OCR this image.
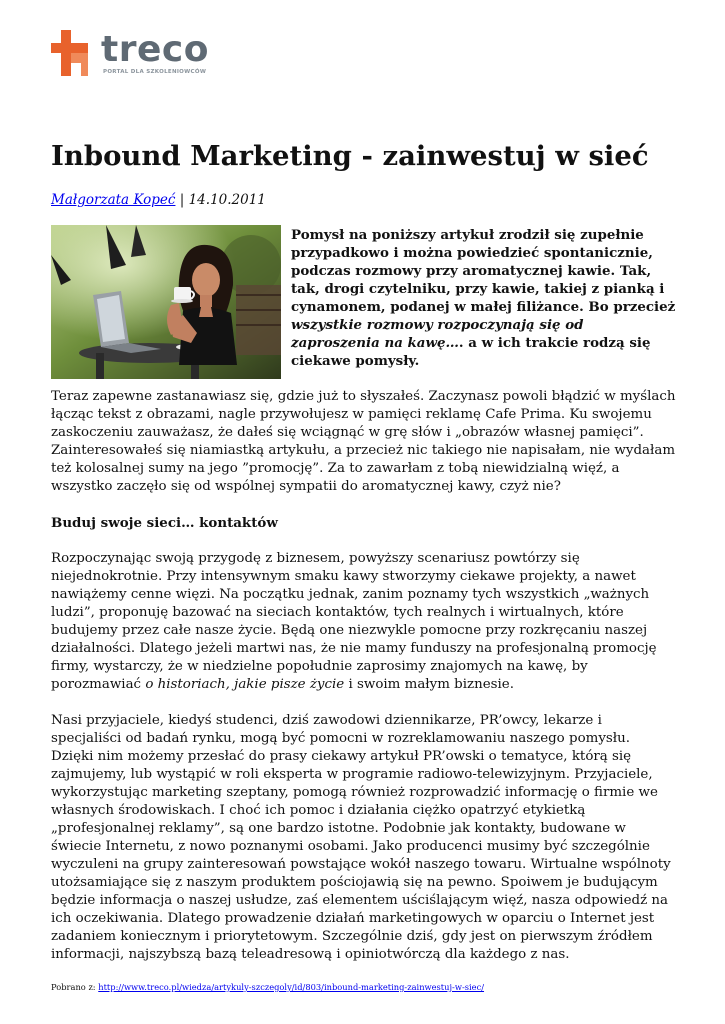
treco
PORTAL DLA SZKOLENIOWCÓW
Inbound Marketing - zainwestuj w sieć
Małgorzata Kopeć | 14.10.2011

Pomysł na poniższy artykuł zrodził się zupełnie przypadkowo i można powiedzieć spontanicznie, podczas rozmowy przy aromatycznej kawie. Tak, tak, drogi czytelniku, przy kawie, takiej z pianką i cynamonem, podanej w małej filiżance. Bo przecież wszystkie rozmowy rozpoczynają się od zaproszenia na kawę…. a w ich trakcie rodzą się ciekawe pomysły.

Teraz zapewne zastanawiasz się, gdzie już to słyszałeś. Zaczynasz powoli błądzić w myślach łącząc tekst z obrazami, nagle przywołujesz w pamięci reklamę Cafe Prima. Ku swojemu zaskoczeniu zauważasz, że dałeś się wciągnąć w grę słów i „obrazów własnej pamięci”. Zainteresowałeś się niamiastką artykułu, a przecież nic takiego nie napisałam, nie wydałam też kolosalnej sumy na jego ”promocję”. Za to zawarłam z tobą niewidzialną więź, a wszystko zaczęło się od wspólnej sympatii do aromatycznej kawy, czyż nie?

Buduj swoje sieci… kontaktów

Rozpoczynając swoją przygodę z biznesem, powyższy scenariusz powtórzy się niejednokrotnie. Przy intensywnym smaku kawy stworzymy ciekawe projekty, a nawet nawiążemy cenne więzi. Na początku jednak, zanim poznamy tych wszystkich „ważnych ludzi”, proponuję bazować na sieciach kontaktów, tych realnych i wirtualnych, które budujemy przez całe nasze życie. Będą one niezwykle pomocne przy rozkręcaniu naszej działalności. Dlatego jeżeli martwi nas, że nie mamy funduszy na profesjonalną promocję firmy, wystarczy, że w niedzielne popołudnie zaprosimy znajomych na kawę, by porozmawiać o historiach, jakie pisze życie i swoim małym biznesie.

Nasi przyjaciele, kiedyś studenci, dziś zawodowi dziennikarze, PR’owcy, lekarze i specjaliści od badań rynku, mogą być pomocni w rozreklamowaniu naszego pomysłu. Dzięki nim możemy przesłać do prasy ciekawy artykuł PR’owski o tematyce, którą się zajmujemy, lub wystąpić w roli eksperta w programie radiowo-telewizyjnym. Przyjaciele, wykorzystując marketing szeptany, pomogą również rozprowadzić informację o firmie we własnych środowiskach. I choć ich pomoc i działania ciężko opatrzyć etykietką „profesjonalnej reklamy”, są one bardzo istotne. Podobnie jak kontakty, budowane w świecie Internetu, z nowo poznanymi osobami. Jako producenci musimy być szczególnie wyczuleni na grupy zainteresowań powstające wokół naszego towaru. Wirtualne wspólnoty utożsamiające się z naszym produktem pościojawią się na pewno. Spoiwem je budującym będzie informacja o naszej usłudze, zaś elementem uściślającym więź, nasza odpowiedź na ich oczekiwania. Dlatego prowadzenie działań marketingowych w oparciu o Internet jest zadaniem koniecznym i priorytetowym. Szczególnie dziś, gdy jest on pierwszym źródłem informacji, najszybszą bazą teleadresową i opiniotwórczą dla każdego z nas.

Pobrano z: http://www.treco.pl/wiedza/artykuly-szczegoly/id/803/inbound-marketing-zainwestuj-w-siec/
